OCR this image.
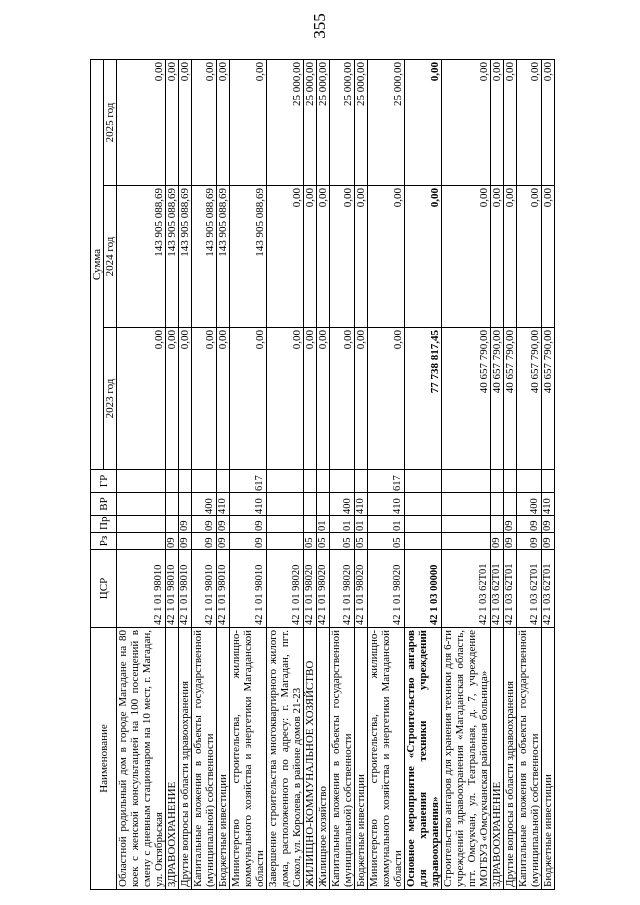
355
Наименование	ЦСР	Рз	Пр	ВР	ГР	Сумма		
						2023 год	2024 год	2025 год
Областной родильный дом в городе Магадане на 80 коек с женской консультацией на 100 посещений в смену с дневным стационаром на 10 мест, г. Магадан, ул. Октябрьская	42 1 01 98010					0,00	143 905 088,69	0,00
ЗДРАВООХРАНЕНИЕ	42 1 01 98010	09				0,00	143 905 088,69	0,00
Другие вопросы в области здравоохранения	42 1 01 98010	09	09			0,00	143 905 088,69	0,00
Капитальные вложения в объекты государственной (муниципальной) собственности	42 1 01 98010	09	09	400		0,00	143 905 088,69	0,00
Бюджетные инвестиции	42 1 01 98010	09	09	410		0,00	143 905 088,69	0,00
Министерство строительства, жилищно-коммунального хозяйства и энергетики Магаданской области	42 1 01 98010	09	09	410	617	0,00	143 905 088,69	0,00
Завершение строительства многоквартирного жилого дома, расположенного по адресу: г. Магадан, пгт. Сокол, ул. Королева, в районе домов 21-23	42 1 01 98020					0,00	0,00	25 000,00
ЖИЛИЩНО-КОММУНАЛЬНОЕ ХОЗЯЙСТВО	42 1 01 98020	05				0,00	0,00	25 000,00
Жилищное хозяйство	42 1 01 98020	05	01			0,00	0,00	25 000,00
Капитальные вложения в объекты государственной (муниципальной) собственности	42 1 01 98020	05	01	400		0,00	0,00	25 000,00
Бюджетные инвестиции	42 1 01 98020	05	01	410		0,00	0,00	25 000,00
Министерство строительства, жилищно-коммунального хозяйства и энергетики Магаданской области	42 1 01 98020	05	01	410	617	0,00	0,00	25 000,00
Основное мероприятие «Строительство ангаров для хранения техники учреждений здравоохранения»	42 1 03 00000					77 738 817,45	0,00	0,00
Строительство ангаров для хранения техники для 6-ти учреждений здравоохранения «Магаданская область, пгт. Омсукчан, ул. Театральная, д. 7, учреждение МОГБУЗ «Омсукчанская районная больница»	42 1 03 62Т01					40 657 790,00	0,00	0,00
ЗДРАВООХРАНЕНИЕ	42 1 03 62Т01	09				40 657 790,00	0,00	0,00
Другие вопросы в области здравоохранения	42 1 03 62Т01	09	09			40 657 790,00	0,00	0,00
Капитальные вложения в объекты государственной (муниципальной) собственности	42 1 03 62Т01	09	09	400		40 657 790,00	0,00	0,00
Бюджетные инвестиции	42 1 03 62Т01	09	09	410		40 657 790,00	0,00	0,00
